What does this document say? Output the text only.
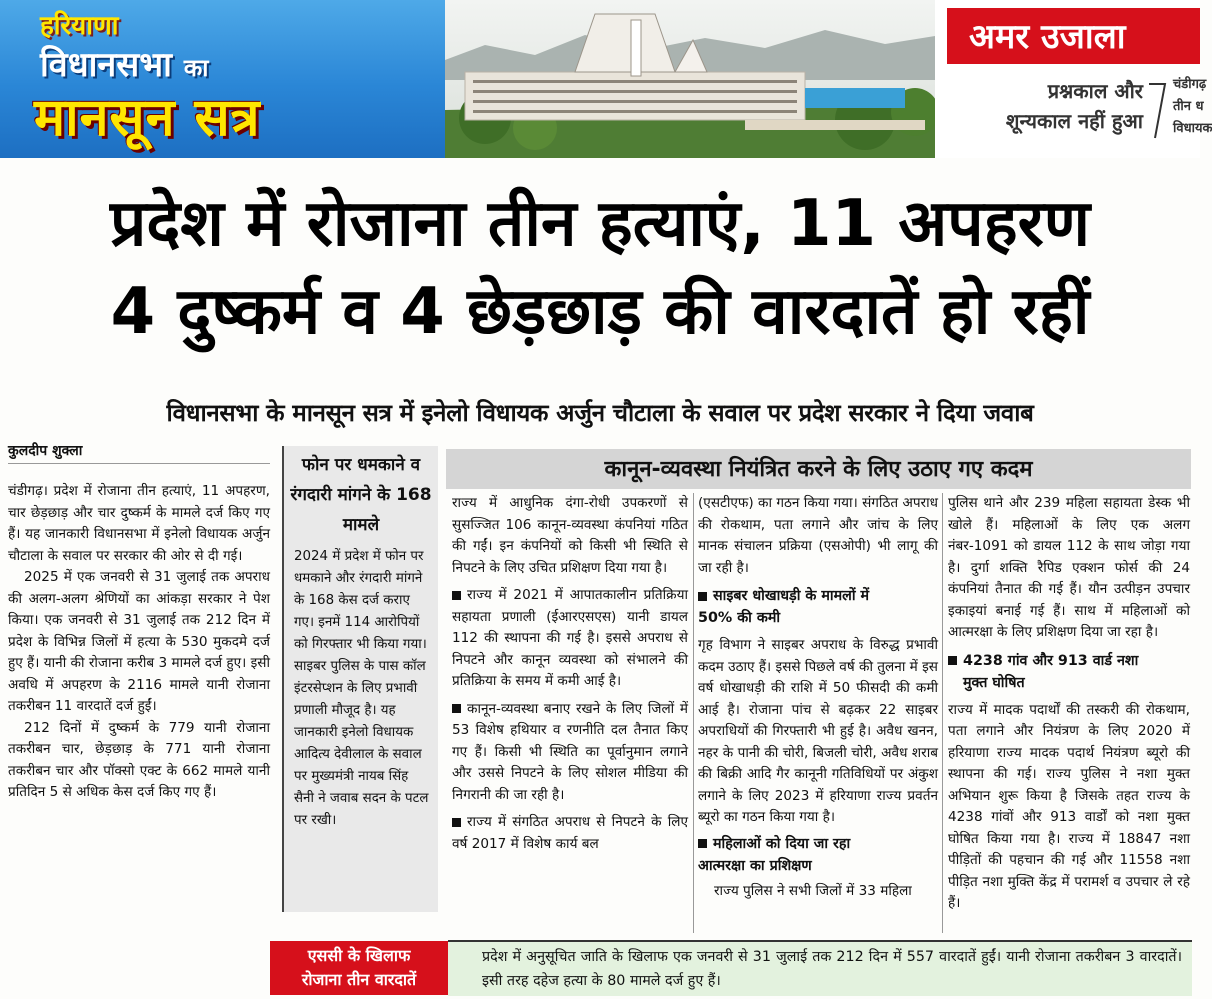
हरियाणा
विधानसभा का
मानसून सत्र
अमर उजाला
प्रश्नकाल और
शून्यकाल नहीं हुआ
चंडीगढ़
तीन ध
विधायक
प्रदेश में रोजाना तीन हत्याएं, 11 अपहरण
4 दुष्कर्म व 4 छेड़छाड़ की वारदातें हो रहीं
विधानसभा के मानसून सत्र में इनेलो विधायक अर्जुन चौटाला के सवाल पर प्रदेश सरकार ने दिया जवाब
कुलदीप शुक्ला

चंडीगढ़। प्रदेश में रोजाना तीन हत्याएं, 11 अपहरण, चार छेड़छाड़ और चार दुष्कर्म के मामले दर्ज किए गए हैं। यह जानकारी विधानसभा में इनेलो विधायक अर्जुन चौटाला के सवाल पर सरकार की ओर से दी गई।

2025 में एक जनवरी से 31 जुलाई तक अपराध की अलग-अलग श्रेणियों का आंकड़ा सरकार ने पेश किया। एक जनवरी से 31 जुलाई तक 212 दिन में प्रदेश के विभिन्न जिलों में हत्या के 530 मुकदमे दर्ज हुए हैं। यानी की रोजाना करीब 3 मामले दर्ज हुए। इसी अवधि में अपहरण के 2116 मामले यानी रोजाना तकरीबन 11 वारदातें दर्ज हुईं।

212 दिनों में दुष्कर्म के 779 यानी रोजाना तकरीबन चार, छेड़छाड़ के 771 यानी रोजाना तकरीबन चार और पॉक्सो एक्ट के 662 मामले यानी प्रतिदिन 5 से अधिक केस दर्ज किए गए हैं।

फोन पर धमकाने व रंगदारी मांगने के 168 मामले
2024 में प्रदेश में फोन पर धमकाने और रंगदारी मांगने के 168 केस दर्ज कराए गए। इनमें 114 आरोपियों को गिरफ्तार भी किया गया। साइबर पुलिस के पास कॉल इंटरसेप्शन के लिए प्रभावी प्रणाली मौजूद है। यह जानकारी इनेलो विधायक आदित्य देवीलाल के सवाल पर मुख्यमंत्री नायब सिंह सैनी ने जवाब सदन के पटल पर रखी।
कानून-व्यवस्था नियंत्रित करने के लिए उठाए गए कदम

राज्य में आधुनिक दंगा-रोधी उपकरणों से सुसज्जित 106 कानून-व्यवस्था कंपनियां गठित की गईं। इन कंपनियों को किसी भी स्थिति से निपटने के लिए उचित प्रशिक्षण दिया गया है।

राज्य में 2021 में आपातकालीन प्रतिक्रिया सहायता प्रणाली (ईआरएसएस) यानी डायल 112 की स्थापना की गई है। इससे अपराध से निपटने और कानून व्यवस्था को संभालने की प्रतिक्रिया के समय में कमी आई है।

कानून-व्यवस्था बनाए रखने के लिए जिलों में 53 विशेष हथियार व रणनीति दल तैनात किए गए हैं। किसी भी स्थिति का पूर्वानुमान लगाने और उससे निपटने के लिए सोशल मीडिया की निगरानी की जा रही है।

राज्य में संगठित अपराध से निपटने के लिए वर्ष 2017 में विशेष कार्य बल

(एसटीएफ) का गठन किया गया। संगठित अपराध की रोकथाम, पता लगाने और जांच के लिए मानक संचालन प्रक्रिया (एसओपी) भी लागू की जा रही है।

साइबर धोखाधड़ी के मामलों में
50% की कमी

गृह विभाग ने साइबर अपराध के विरुद्ध प्रभावी कदम उठाए हैं। इससे पिछले वर्ष की तुलना में इस वर्ष धोखाधड़ी की राशि में 50 फीसदी की कमी आई है। रोजाना पांच से बढ़कर 22 साइबर अपराधियों की गिरफ्तारी भी हुई है। अवैध खनन, नहर के पानी की चोरी, बिजली चोरी, अवैध शराब की बिक्री आदि गैर कानूनी गतिविधियों पर अंकुश लगाने के लिए 2023 में हरियाणा राज्य प्रवर्तन ब्यूरो का गठन किया गया है।

महिलाओं को दिया जा रहा
आत्मरक्षा का प्रशिक्षण

राज्य पुलिस ने सभी जिलों में 33 महिला

पुलिस थाने और 239 महिला सहायता डेस्क भी खोले हैं। महिलाओं के लिए एक अलग नंबर-1091 को डायल 112 के साथ जोड़ा गया है। दुर्गा शक्ति रैपिड एक्शन फोर्स की 24 कंपनियां तैनात की गई हैं। यौन उत्पीड़न उपचार इकाइयां बनाई गई हैं। साथ में महिलाओं को आत्मरक्षा के लिए प्रशिक्षण दिया जा रहा है।

4238 गांव और 913 वार्ड नशा
मुक्त घोषित

राज्य में मादक पदार्थों की तस्करी की रोकथाम, पता लगाने और नियंत्रण के लिए 2020 में हरियाणा राज्य मादक पदार्थ नियंत्रण ब्यूरो की स्थापना की गई। राज्य पुलिस ने नशा मुक्त अभियान शुरू किया है जिसके तहत राज्य के 4238 गांवों और 913 वार्डों को नशा मुक्त घोषित किया गया है। राज्य में 18847 नशा पीड़ितों की पहचान की गई और 11558 नशा पीड़ित नशा मुक्ति केंद्र में परामर्श व उपचार ले रहे हैं।

एससी के खिलाफ
रोजाना तीन वारदातें
प्रदेश में अनुसूचित जाति के खिलाफ एक जनवरी से 31 जुलाई तक 212 दिन में 557 वारदातें हुईं। यानी रोजाना तकरीबन 3 वारदातें। इसी तरह दहेज हत्या के 80 मामले दर्ज हुए हैं।
